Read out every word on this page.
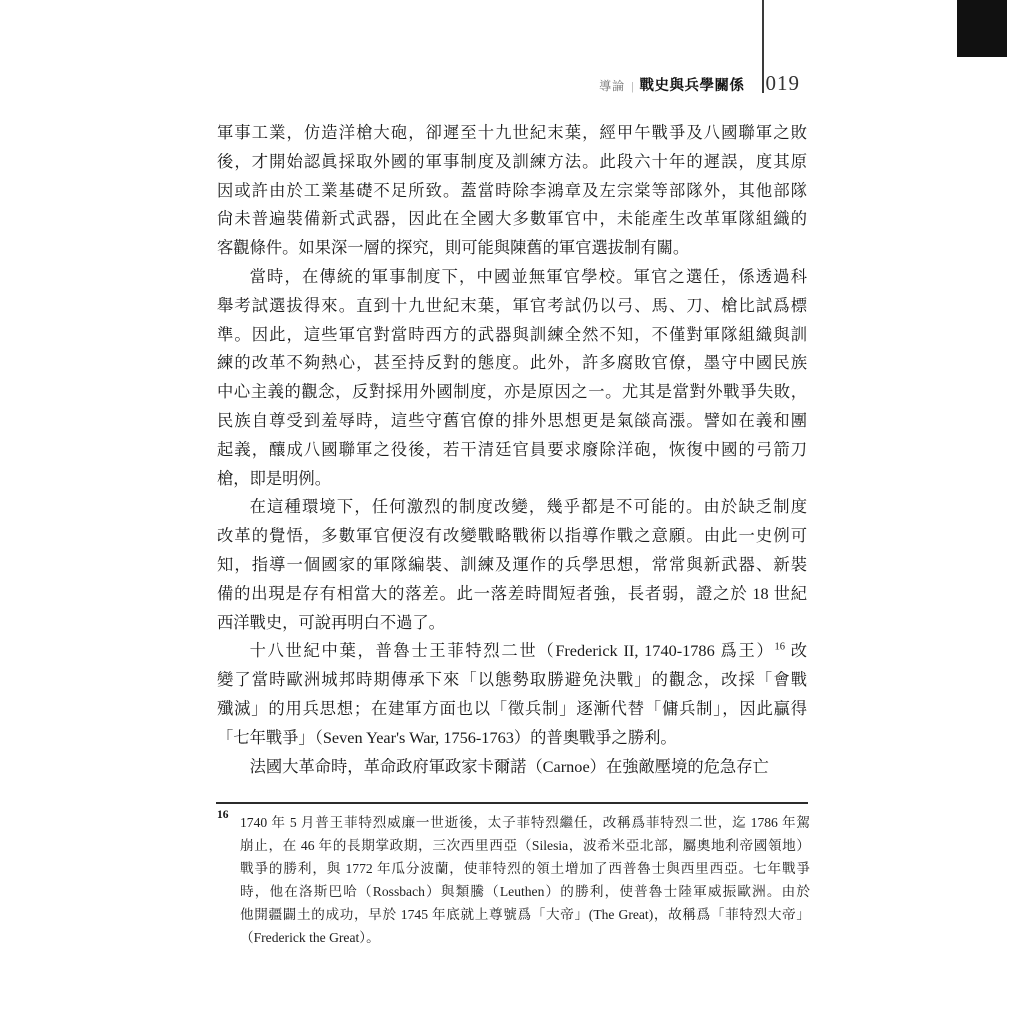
導論 | 戰史與兵學關係 019
軍事工業，仿造洋槍大砲，卻遲至十九世紀末葉，經甲午戰爭及八國聯軍之敗
後，才開始認眞採取外國的軍事制度及訓練方法。此段六十年的遲誤，度其原
因或許由於工業基礎不足所致。蓋當時除李鴻章及左宗棠等部隊外，其他部隊
尙未普遍裝備新式武器，因此在全國大多數軍官中，未能產生改革軍隊組織的
客觀條件。如果深一層的探究，則可能與陳舊的軍官選拔制有關。
當時，在傳統的軍事制度下，中國並無軍官學校。軍官之選任，係透過科
舉考試選拔得來。直到十九世紀末葉，軍官考試仍以弓、馬、刀、槍比試爲標
準。因此，這些軍官對當時西方的武器與訓練全然不知，不僅對軍隊組織與訓
練的改革不夠熱心，甚至持反對的態度。此外，許多腐敗官僚，墨守中國民族
中心主義的觀念，反對採用外國制度，亦是原因之一。尤其是當對外戰爭失敗，
民族自尊受到羞辱時，這些守舊官僚的排外思想更是氣燄高漲。譬如在義和團
起義，釀成八國聯軍之役後，若干清廷官員要求廢除洋砲，恢復中國的弓箭刀
槍，即是明例。
在這種環境下，任何激烈的制度改變，幾乎都是不可能的。由於缺乏制度
改革的覺悟，多數軍官便沒有改變戰略戰術以指導作戰之意願。由此一史例可
知，指導一個國家的軍隊編裝、訓練及運作的兵學思想，常常與新武器、新裝
備的出現是存有相當大的落差。此一落差時間短者強，長者弱，證之於 18 世紀
西洋戰史，可說再明白不過了。
十八世紀中葉，普魯士王菲特烈二世（Frederick II, 1740-1786 爲王）$^{16}$ 改
變了當時歐洲城邦時期傳承下來「以態勢取勝避免決戰」的觀念，改採「會戰
殲滅」的用兵思想；在建軍方面也以「徵兵制」逐漸代替「傭兵制」，因此贏得
「七年戰爭」（Seven Year's War, 1756-1763）的普奧戰爭之勝利。
法國大革命時，革命政府軍政家卡爾諾（Carnoe）在強敵壓境的危急存亡
16 1740 年 5 月普王菲特烈威廉一世逝後，太子菲特烈繼任，改稱爲菲特烈二世，迄 1786 年駕
崩止，在 46 年的長期掌政期，三次西里西亞（Silesia，波希米亞北部，屬奧地利帝國領地）
戰爭的勝利，與 1772 年瓜分波蘭，使菲特烈的領土增加了西普魯士與西里西亞。七年戰爭
時，他在洛斯巴哈（Rossbach）與類騰（Leuthen）的勝利，使普魯士陸軍威振歐洲。由於
他開疆闢土的成功，早於 1745 年底就上尊號爲「大帝」(The Great)，故稱爲「菲特烈大帝」
（Frederick the Great）。
